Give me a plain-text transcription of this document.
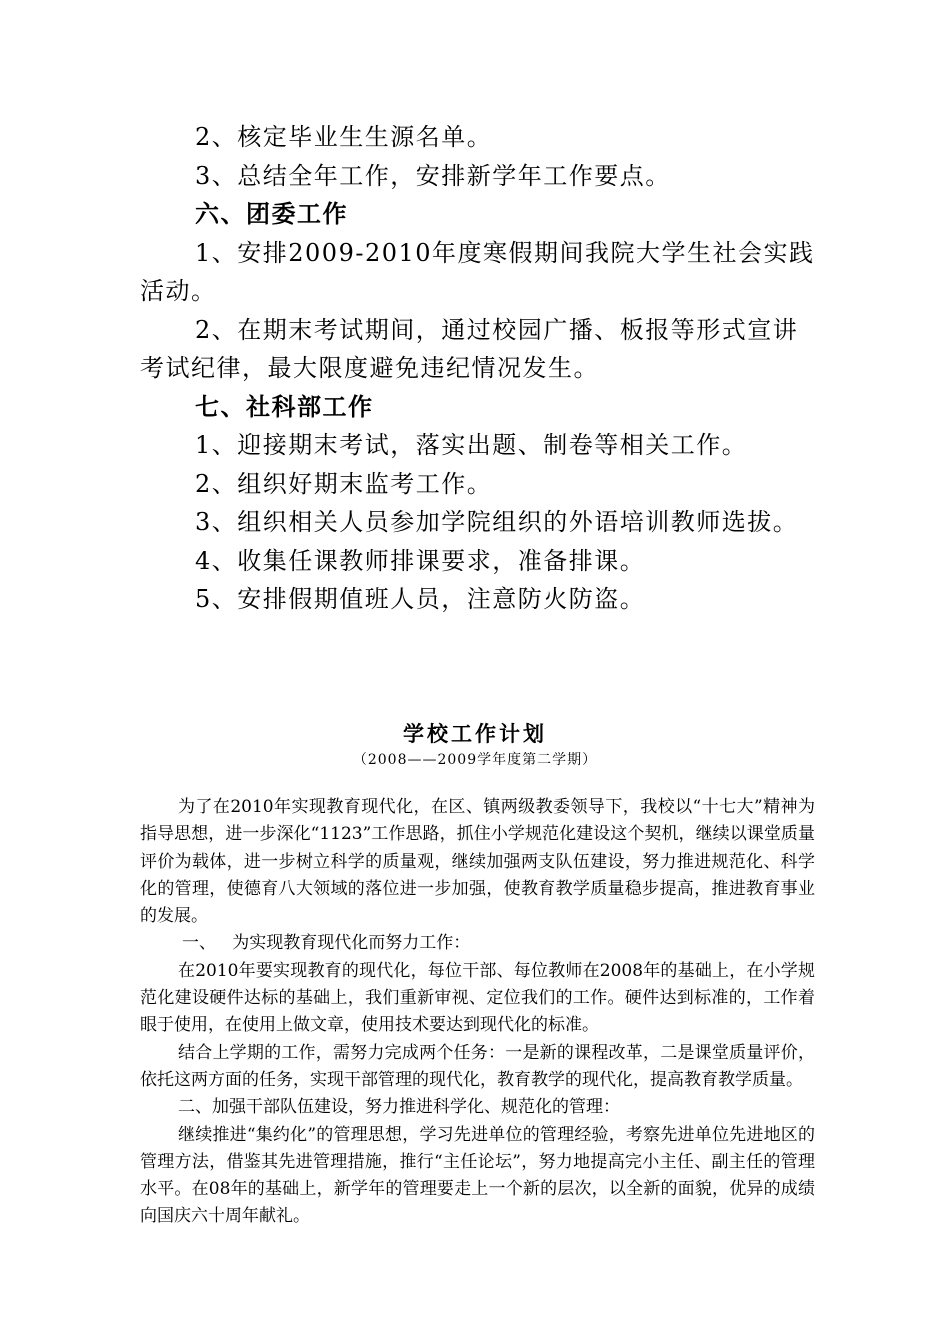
2、核定毕业生生源名单。

3、总结全年工作，安排新学年工作要点。

六、团委工作

1、安排2009-2010年度寒假期间我院大学生社会实践活动。

2、在期末考试期间，通过校园广播、板报等形式宣讲考试纪律，最大限度避免违纪情况发生。

七、社科部工作

1、迎接期末考试，落实出题、制卷等相关工作。

2、组织好期末监考工作。

3、组织相关人员参加学院组织的外语培训教师选拔。

4、收集任课教师排课要求，准备排课。

5、安排假期值班人员，注意防火防盗。

学校工作计划
（2008——2009学年度第二学期）

为了在2010年实现教育现代化，在区、镇两级教委领导下，我校以“十七大”精神为指导思想，进一步深化“1123”工作思路，抓住小学规范化建设这个契机，继续以课堂质量评价为载体，进一步树立科学的质量观，继续加强两支队伍建设，努力推进规范化、科学化的管理，使德育八大领域的落位进一步加强，使教育教学质量稳步提高，推进教育事业的发展。

一、   为实现教育现代化而努力工作：

在2010年要实现教育的现代化，每位干部、每位教师在2008年的基础上，在小学规范化建设硬件达标的基础上，我们重新审视、定位我们的工作。硬件达到标准的，工作着眼于使用，在使用上做文章，使用技术要达到现代化的标准。

结合上学期的工作，需努力完成两个任务：一是新的课程改革，二是课堂质量评价，依托这两方面的任务，实现干部管理的现代化，教育教学的现代化，提高教育教学质量。

二、加强干部队伍建设，努力推进科学化、规范化的管理：

继续推进“集约化”的管理思想，学习先进单位的管理经验，考察先进单位先进地区的管理方法，借鉴其先进管理措施，推行“主任论坛”，努力地提高完小主任、副主任的管理水平。在08年的基础上，新学年的管理要走上一个新的层次，以全新的面貌，优异的成绩向国庆六十周年献礼。
